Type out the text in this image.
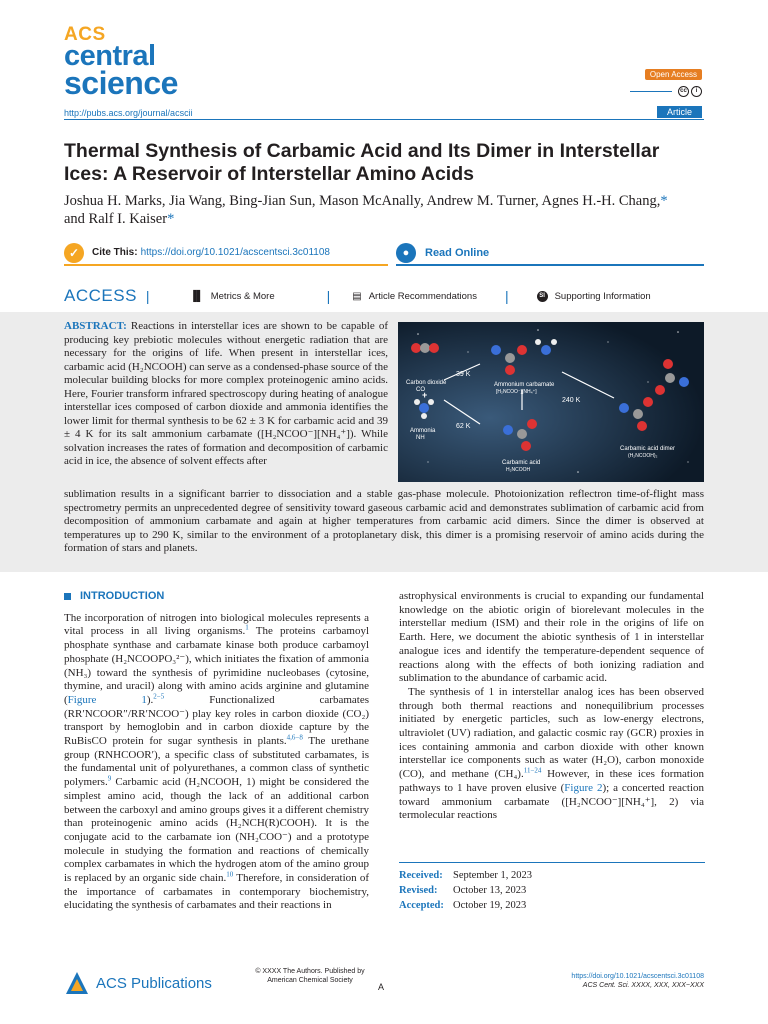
ACS
central
science	Open Access
cc	i
http://pubs.acs.org/journal/acscii	Article
Thermal Synthesis of Carbamic Acid and Its Dimer in Interstellar Ices: A Reservoir of Interstellar Amino Acids
Joshua H. Marks, Jia Wang, Bing-Jian Sun, Mason McAnally, Andrew M. Turner, Agnes H.-H. Chang,*
and Ralf I. Kaiser*
✓	Cite This: https://doi.org/10.1021/acscentsci.3c01108	●	Read Online
ACCESS |	▐▌ Metrics & More	| ▤ Article Recommendations |	SI Supporting Information
ABSTRACT: Reactions in interstellar ices are shown to be capable of producing key prebiotic molecules without energetic radiation that are necessary for the origins of life. When present in interstellar ices, carbamic acid (H₂NCOOH) can serve as a condensed-phase source of the molecular building blocks for more complex proteinogenic amino acids. Here, Fourier transform infrared spectroscopy during heating of analogue interstellar ices composed of carbon dioxide and ammonia identifies the lower limit for thermal synthesis to be 62 ± 3 K for carbamic acid and 39 ± 4 K for its salt ammonium carbamate ([H₂NCOO⁻][NH₄⁺]). While solvation increases the rates of formation and decomposition of carbamic acid in ice, the absence of solvent effects after
Carbon dioxide
CO
+
Ammonia
NH
39 K
62 K
240 K
Ammonium carbamate
[H₂NCOO⁻][NH₄⁺]
Carbamic acid
H₂NCOOH
Carbamic acid dimer
(H₂NCOOH)₂
sublimation results in a significant barrier to dissociation and a stable gas-phase molecule. Photoionization reflectron time-of-flight mass spectrometry permits an unprecedented degree of sensitivity toward gaseous carbamic acid and demonstrates sublimation of carbamic acid from decomposition of ammonium carbamate and again at higher temperatures from carbamic acid dimers. Since the dimer is observed at temperatures up to 290 K, similar to the environment of a protoplanetary disk, this dimer is a promising reservoir of amino acids during the formation of stars and planets.
INTRODUCTION

The incorporation of nitrogen into biological molecules represents a vital process in all living organisms.$^1$ The proteins carbamoyl phosphate synthase and carbamate kinase both produce carbamoyl phosphate (H₂NCOOPO₃²⁻), which initiates the fixation of ammonia (NH₃) toward the synthesis of pyrimidine nucleobases (cytosine, thymine, and uracil) along with amino acids arginine and glutamine (Figure 1).$^{2-5}$ Functionalized carbamates (RR′NCOOR″/RR′NCOO⁻) play key roles in carbon dioxide (CO₂) transport by hemoglobin and in carbon dioxide capture by the RuBisCO protein for sugar synthesis in plants.$^{4,6-8}$ The urethane group (RNHCOOR′), a specific class of substituted carbamates, is the fundamental unit of polyurethanes, a common class of synthetic polymers.$^9$ Carbamic acid (H₂NCOOH, 1) might be considered the simplest amino acid, though the lack of an additional carbon between the carboxyl and amino groups gives it a different chemistry than proteinogenic amino acids (H₂NCH(R)COOH). It is the conjugate acid to the carbamate ion (NH₂COO⁻) and a prototype molecule in studying the formation and reactions of chemically complex carbamates in which the hydrogen atom of the amino group is replaced by an organic side chain.$^{10}$ Therefore, in consideration of the importance of carbamates in contemporary biochemistry, elucidating the synthesis of carbamates and their reactions in

astrophysical environments is crucial to expanding our fundamental knowledge on the abiotic origin of biorelevant molecules in the interstellar medium (ISM) and their role in the origins of life on Earth. Here, we document the abiotic synthesis of 1 in interstellar analogue ices and identify the temperature-dependent sequence of reactions along with the effects of both ionizing radiation and sublimation to the abundance of carbamic acid.

The synthesis of 1 in interstellar analog ices has been observed through both thermal reactions and nonequilibrium processes initiated by energetic particles, such as low-energy electrons, ultraviolet (UV) radiation, and galactic cosmic ray (GCR) proxies in ices containing ammonia and carbon dioxide with other known interstellar ice components such as water (H₂O), carbon monoxide (CO), and methane (CH₄).$^{11-24}$ However, in these ices formation pathways to 1 have proven elusive (Figure 2); a concerted reaction toward ammonium carbamate ([H₂NCOO⁻][NH₄⁺], 2) via termolecular reactions

Received: September 1, 2023
Revised: October 13, 2023
Accepted: October 19, 2023
ACS Publications
© XXXX The Authors. Published by
American Chemical Society
A
https://doi.org/10.1021/acscentsci.3c01108
ACS Cent. Sci. XXXX, XXX, XXX−XXX
